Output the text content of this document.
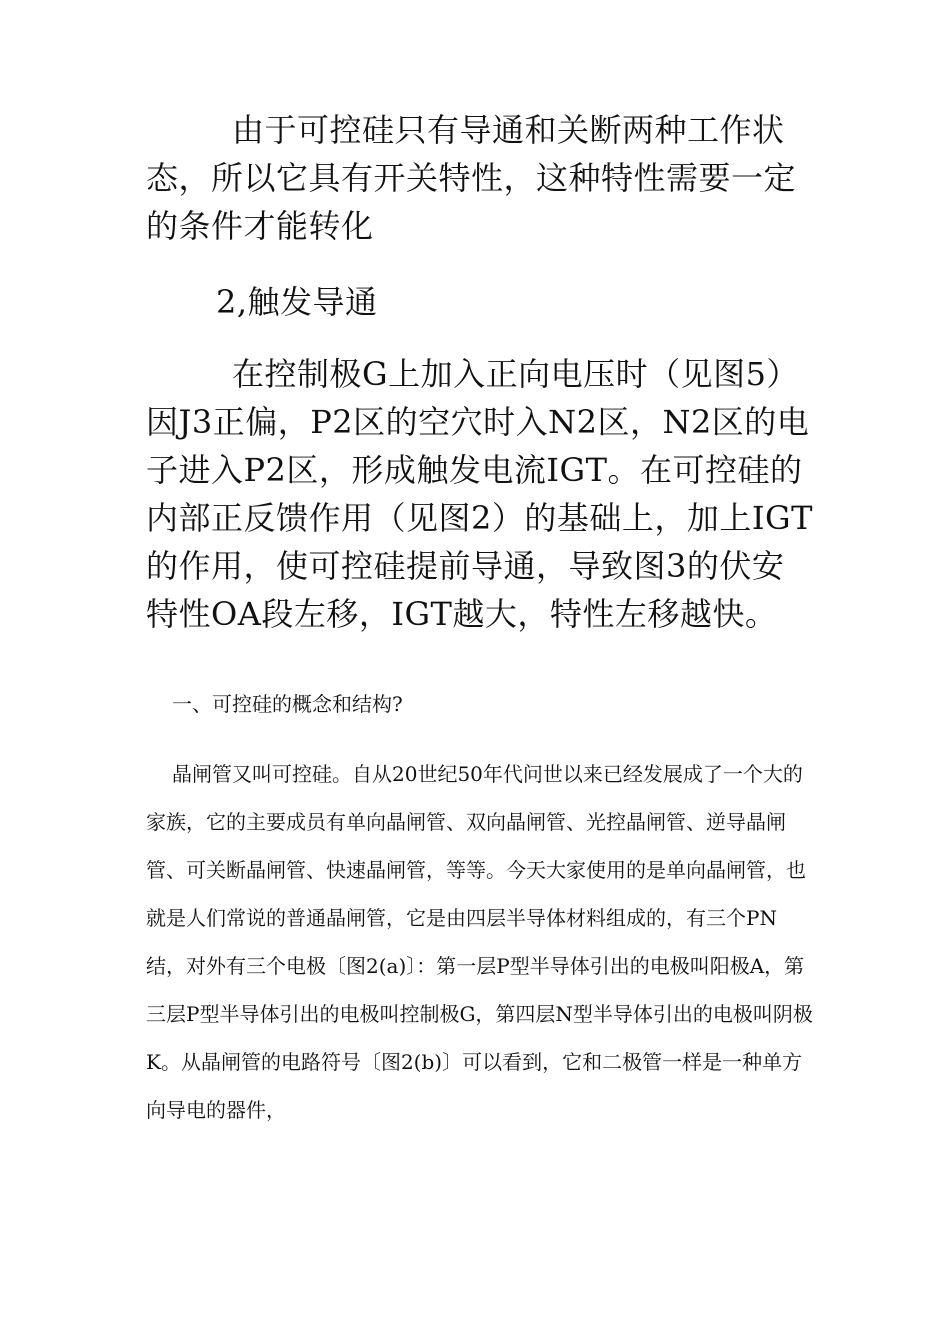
由于可控硅只有导通和关断两种工作状态，所以它具有开关特性，这种特性需要一定的条件才能转化

2,触发导通

在控制极G上加入正向电压时（见图5）因J3正偏，P2区的空穴时入N2区，N2区的电子进入P2区，形成触发电流IGT。在可控硅的内部正反馈作用（见图2）的基础上，加上IGT的作用，使可控硅提前导通，导致图3的伏安特性OA段左移，IGT越大，特性左移越快。

一、可控硅的概念和结构?

晶闸管又叫可控硅。自从20世纪50年代问世以来已经发展成了一个大的家族，它的主要成员有单向晶闸管、双向晶闸管、光控晶闸管、逆导晶闸管、可关断晶闸管、快速晶闸管，等等。今天大家使用的是单向晶闸管，也就是人们常说的普通晶闸管，它是由四层半导体材料组成的，有三个PN结，对外有三个电极〔图2(a)〕：第一层P型半导体引出的电极叫阳极A，第三层P型半导体引出的电极叫控制极G，第四层N型半导体引出的电极叫阴极K。从晶闸管的电路符号〔图2(b)〕可以看到，它和二极管一样是一种单方向导电的器件，
